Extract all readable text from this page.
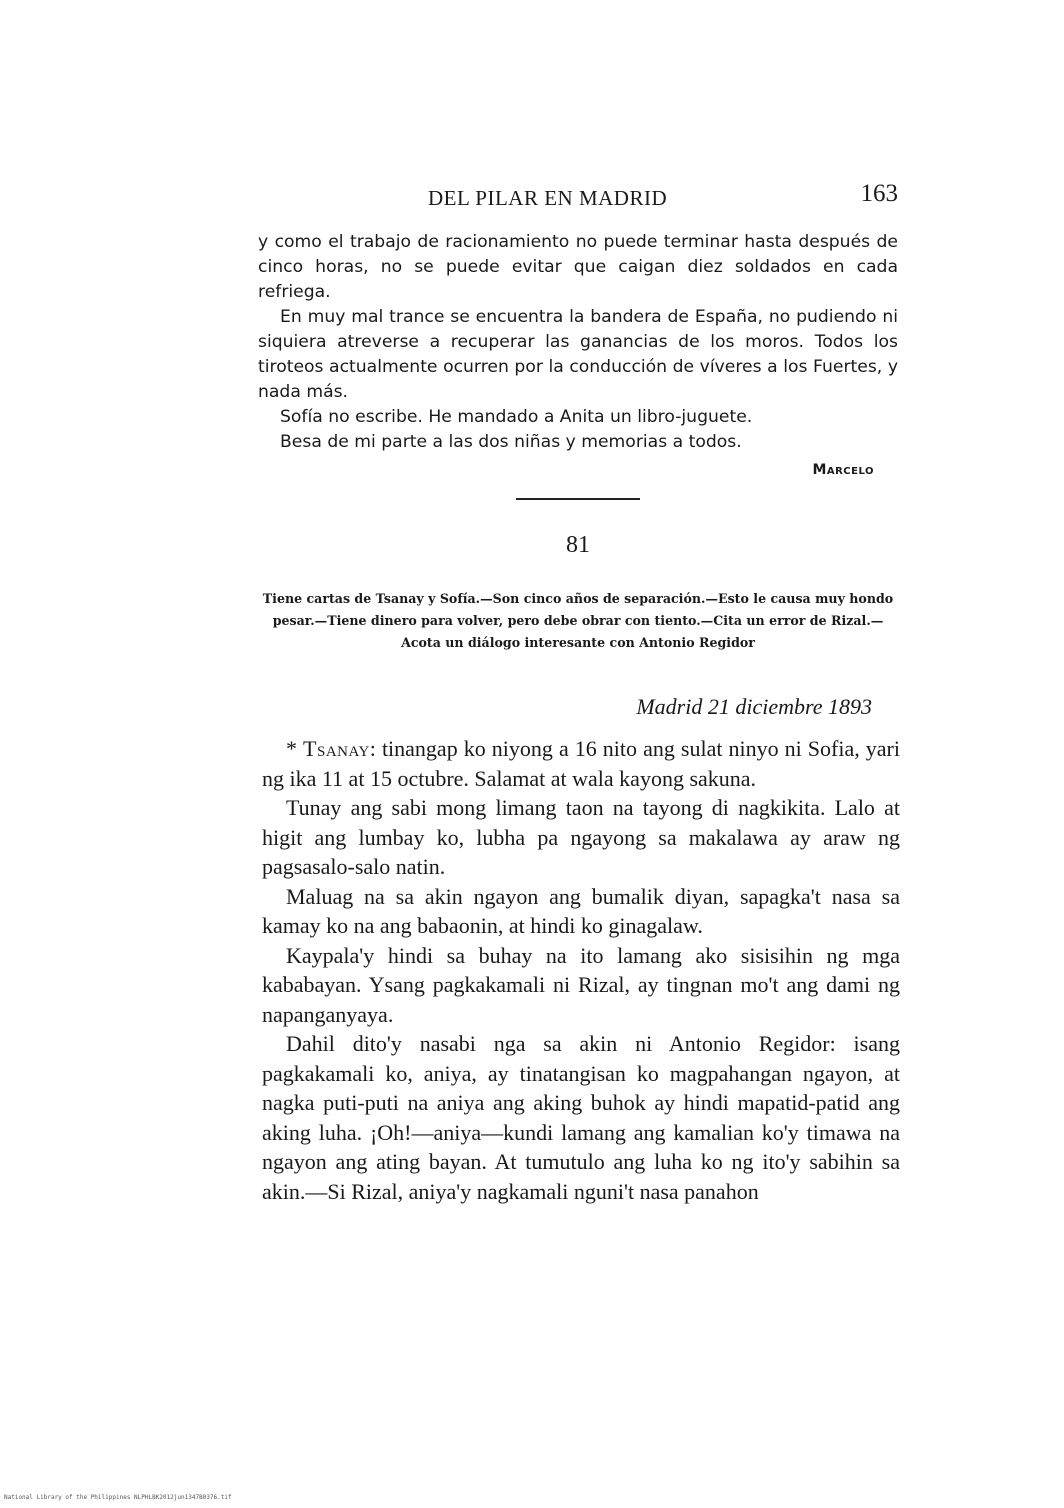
DEL PILAR EN MADRID	163

y como el trabajo de racionamiento no puede terminar hasta después de cinco horas, no se puede evitar que caigan diez soldados en cada refriega.

En muy mal trance se encuentra la bandera de España, no pudiendo ni siquiera atreverse a recuperar las ganancias de los moros. Todos los tiroteos actualmente ocurren por la conducción de víveres a los Fuertes, y nada más.

Sofía no escribe. He mandado a Anita un libro-juguete.

Besa de mi parte a las dos niñas y memorias a todos.

Marcelo
81
Tiene cartas de Tsanay y Sofía.—Son cinco años de separación.—Esto le causa muy hondo pesar.—Tiene dinero para volver, pero debe obrar con tiento.—Cita un error de Rizal.—Acota un diálogo interesante con Antonio Regidor
Madrid 21 diciembre 1893

* Tsanay: tinangap ko niyong a 16 nito ang sulat ninyo ni Sofia, yari ng ika 11 at 15 octubre. Salamat at wala kayong sakuna.

Tunay ang sabi mong limang taon na tayong di nagkikita. Lalo at higit ang lumbay ko, lubha pa ngayong sa makalawa ay araw ng pagsasalo-salo natin.

Maluag na sa akin ngayon ang bumalik diyan, sapagka't nasa sa kamay ko na ang babaonin, at hindi ko ginagalaw.

Kaypala'y hindi sa buhay na ito lamang ako sisisihin ng mga kababayan. Ysang pagkakamali ni Rizal, ay tingnan mo't ang dami ng napanganyaya.

Dahil dito'y nasabi nga sa akin ni Antonio Regidor: isang pagkakamali ko, aniya, ay tinatangisan ko magpahangan ngayon, at nagka puti-puti na aniya ang aking buhok ay hindi mapatid-patid ang aking luha. ¡Oh!—aniya—kundi lamang ang kamalian ko'y timawa na ngayon ang ating bayan. At tumutulo ang luha ko ng ito'y sabihin sa akin.—Si Rizal, aniya'y nagkamali nguni't nasa panahon

National Library of the Philippines NLPHLBK2012jun1347B0376.tif
